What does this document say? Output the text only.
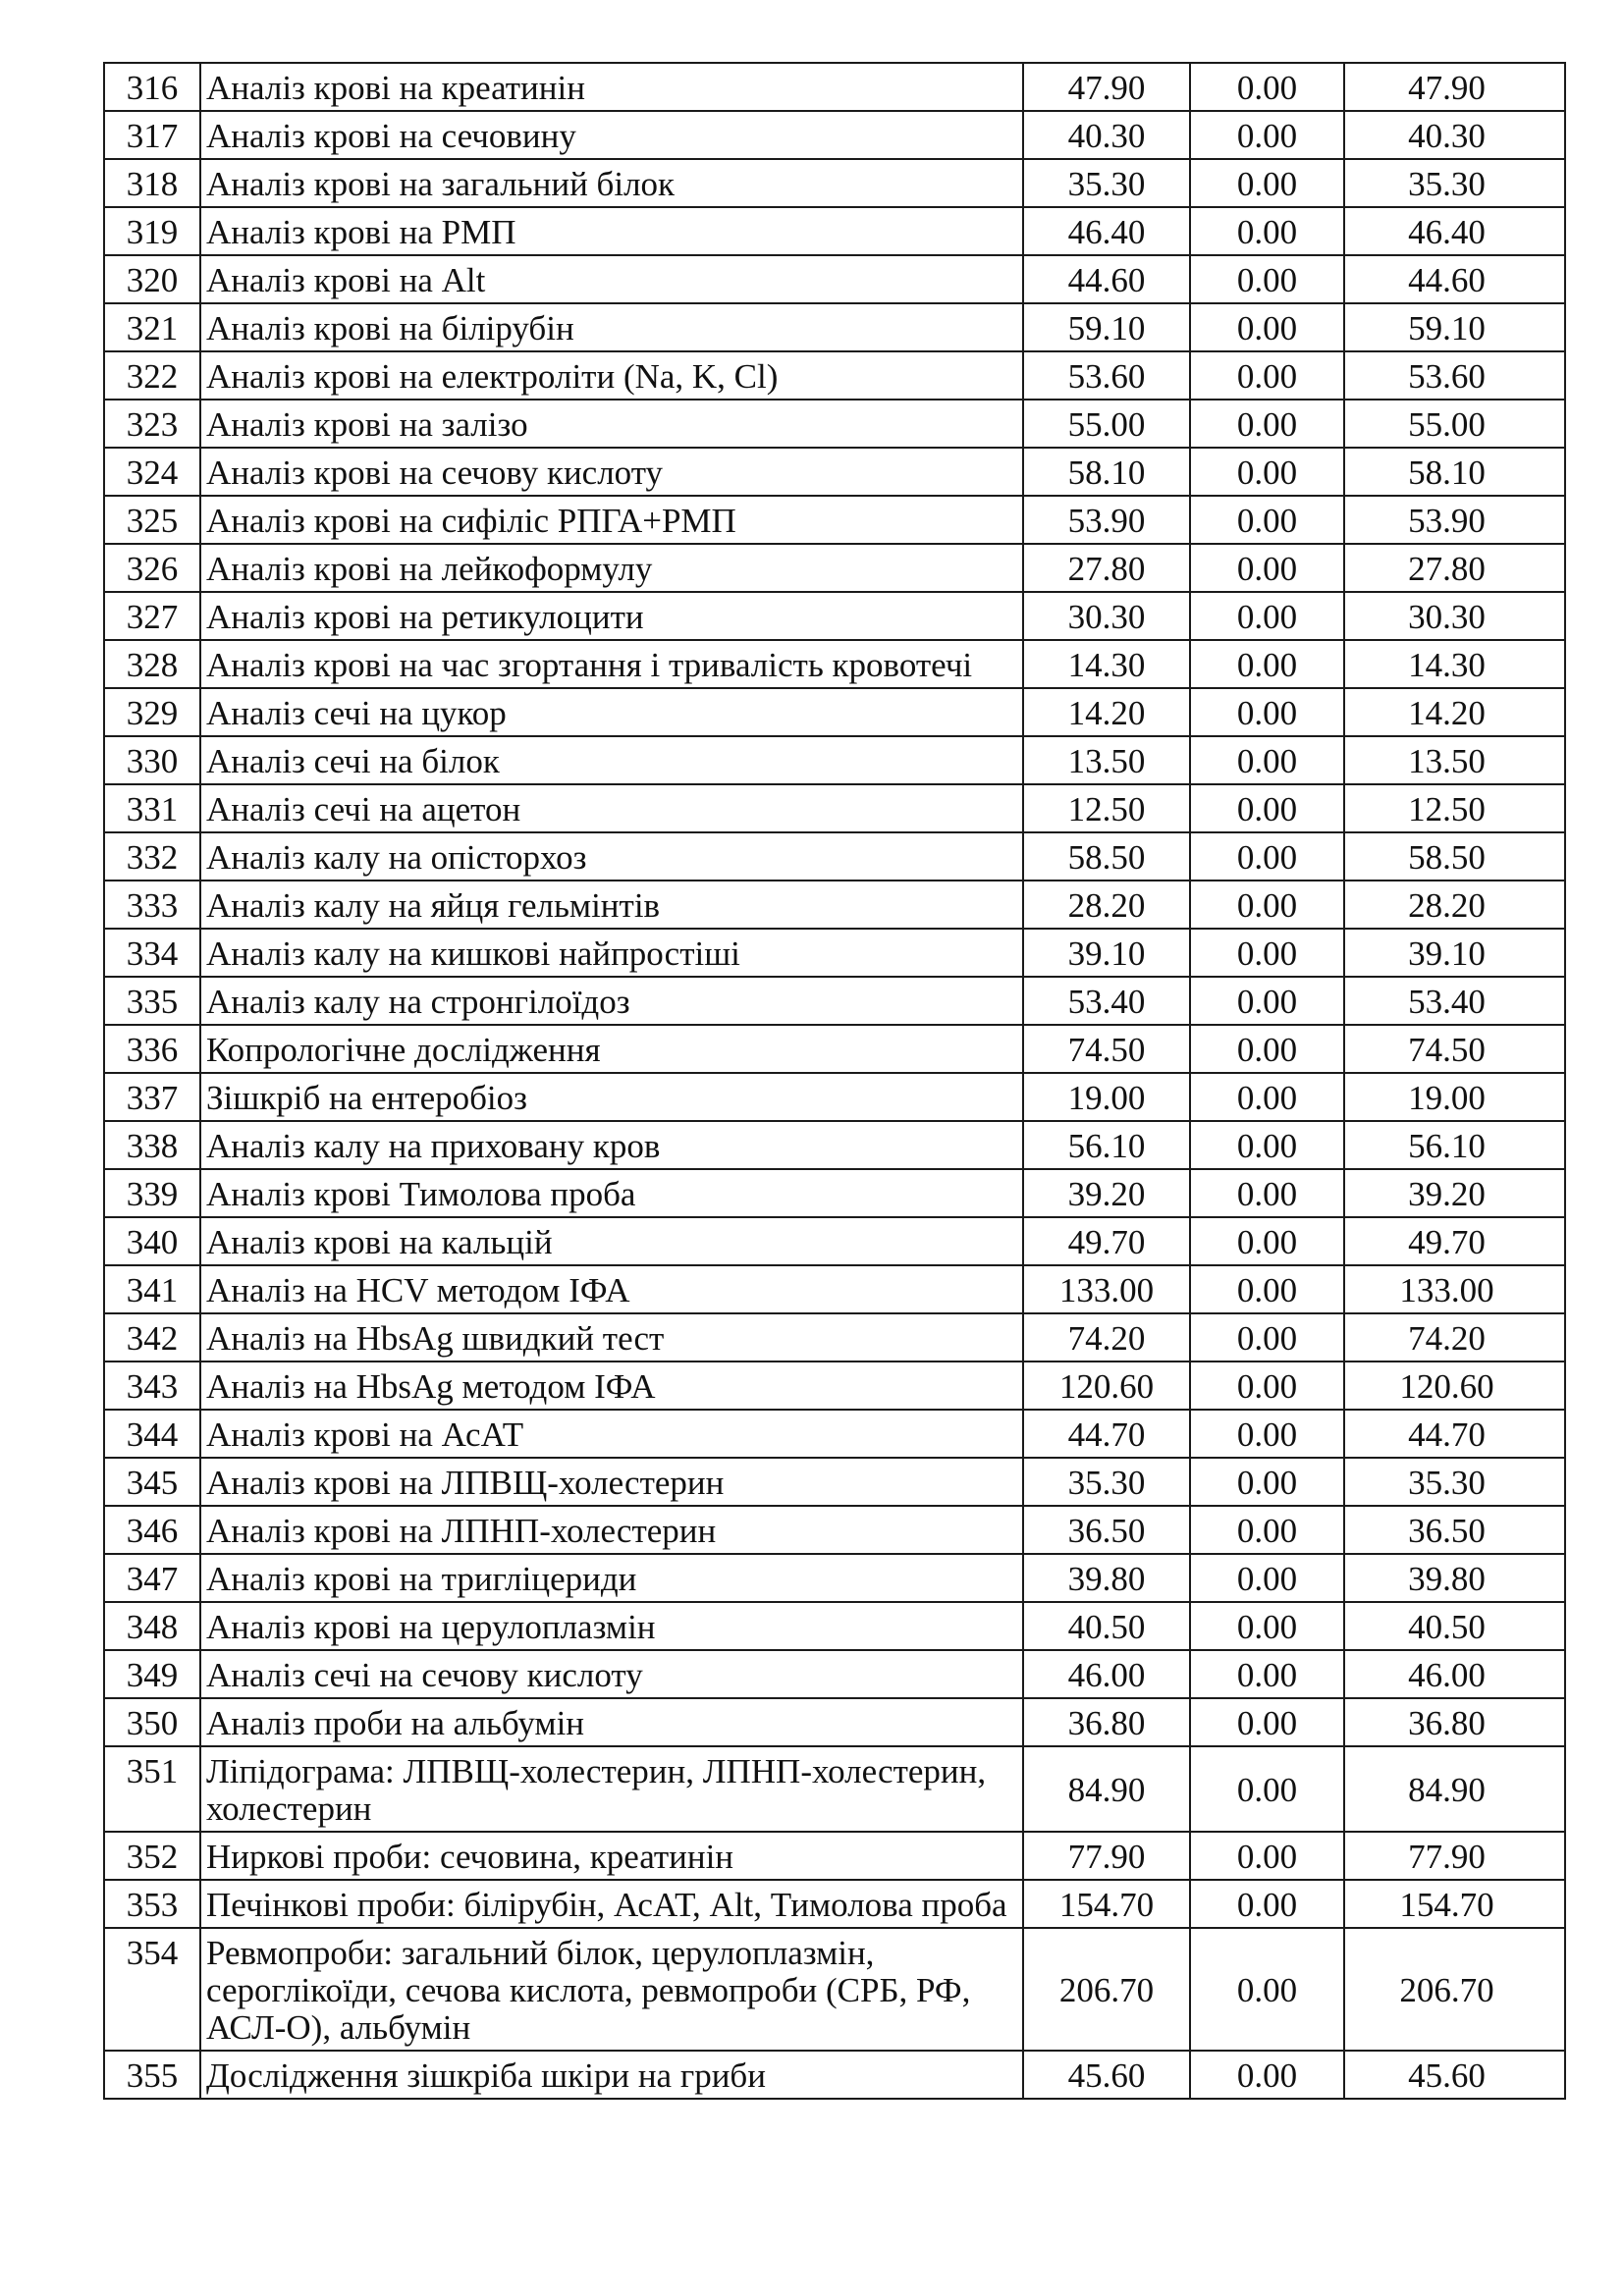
316	Аналіз крові на креатинін	47.90	0.00	47.90
317	Аналіз крові на сечовину	40.30	0.00	40.30
318	Аналіз крові на загальний білок	35.30	0.00	35.30
319	Аналіз крові на РМП	46.40	0.00	46.40
320	Аналіз крові на Alt	44.60	0.00	44.60
321	Аналіз крові на білірубін	59.10	0.00	59.10
322	Аналіз крові на електроліти (Na, K, Cl)	53.60	0.00	53.60
323	Аналіз крові на залізо	55.00	0.00	55.00
324	Аналіз крові на сечову кислоту	58.10	0.00	58.10
325	Аналіз крові на сифіліс РПГА+РМП	53.90	0.00	53.90
326	Аналіз крові на лейкоформулу	27.80	0.00	27.80
327	Аналіз крові на ретикулоцити	30.30	0.00	30.30
328	Аналіз крові на час згортання і тривалість кровотечі	14.30	0.00	14.30
329	Аналіз сечі на цукор	14.20	0.00	14.20
330	Аналіз сечі на білок	13.50	0.00	13.50
331	Аналіз сечі на ацетон	12.50	0.00	12.50
332	Аналіз калу на опісторхоз	58.50	0.00	58.50
333	Аналіз калу на яйця гельмінтів	28.20	0.00	28.20
334	Аналіз калу на кишкові найпростіші	39.10	0.00	39.10
335	Аналіз калу на стронгілоїдоз	53.40	0.00	53.40
336	Копрологічне дослідження	74.50	0.00	74.50
337	Зішкріб на ентеробіоз	19.00	0.00	19.00
338	Аналіз калу на приховану кров	56.10	0.00	56.10
339	Аналіз крові Тимолова проба	39.20	0.00	39.20
340	Аналіз крові на кальцій	49.70	0.00	49.70
341	Аналіз на HCV методом ІФА	133.00	0.00	133.00
342	Аналіз на HbsAg швидкий тест	74.20	0.00	74.20
343	Аналіз на HbsAg методом ІФА	120.60	0.00	120.60
344	Аналіз крові на АсАТ	44.70	0.00	44.70
345	Аналіз крові на ЛПВЩ-холестерин	35.30	0.00	35.30
346	Аналіз крові на ЛПНП-холестерин	36.50	0.00	36.50
347	Аналіз крові на тригліцериди	39.80	0.00	39.80
348	Аналіз крові на церулоплазмін	40.50	0.00	40.50
349	Аналіз сечі на сечову кислоту	46.00	0.00	46.00
350	Аналіз проби на альбумін	36.80	0.00	36.80
351	Ліпідограма: ЛПВЩ-холестерин, ЛПНП-холестерин, холестерин	84.90	0.00	84.90
352	Ниркові проби: сечовина, креатинін	77.90	0.00	77.90
353	Печінкові проби: білірубін, АсАТ, Alt, Тимолова проба	154.70	0.00	154.70
354	Ревмопроби: загальний білок, церулоплазмін, сероглікоїди, сечова кислота, ревмопроби (СРБ, РФ, АСЛ-О), альбумін	206.70	0.00	206.70
355	Дослідження зішкріба шкіри на гриби	45.60	0.00	45.60
